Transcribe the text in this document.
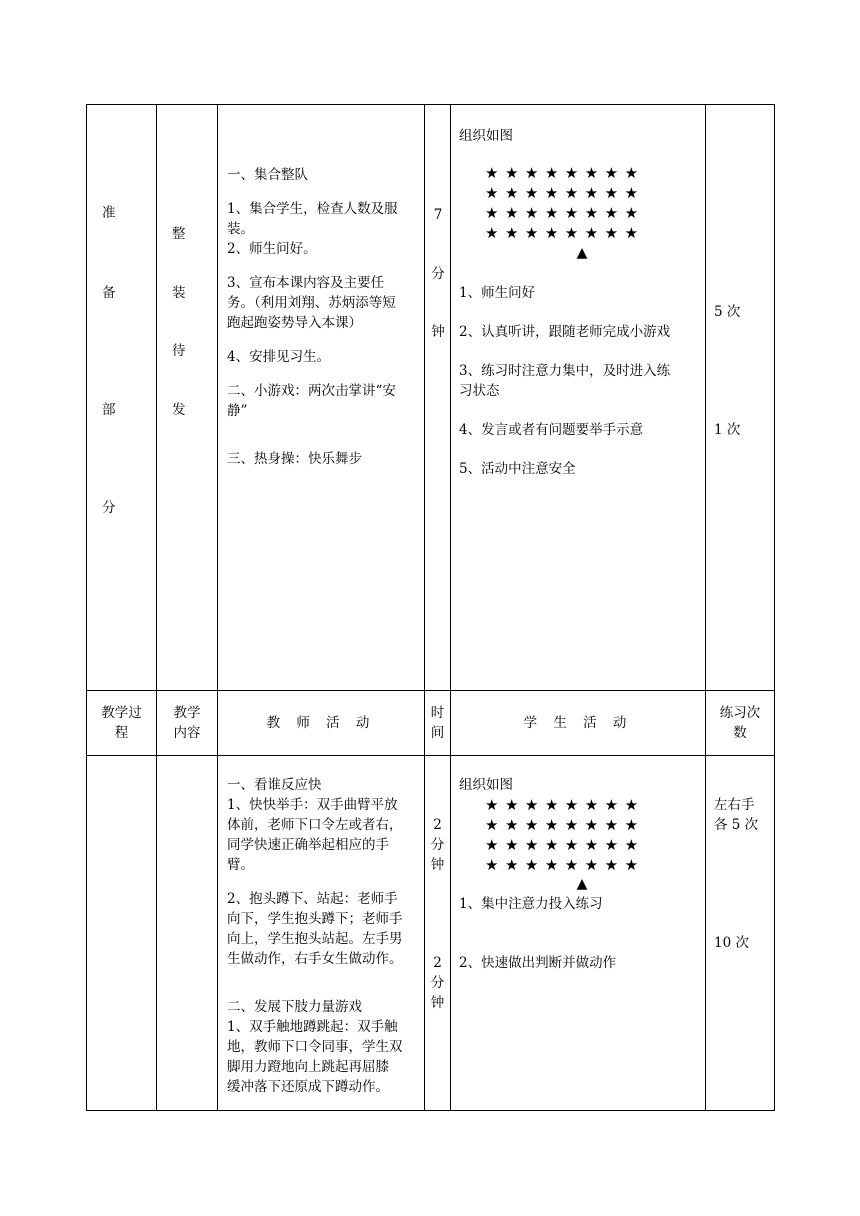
准
备
部
分
整
装
待
发
一、集合整队
1、集合学生，检查人数及服
装。
2、师生问好。
3、宣布本课内容及主要任
务。（利用刘翔、苏炳添等短
跑起跑姿势导入本课）
4、安排见习生。
二、小游戏：两次击掌讲“安
静”
三、热身操：快乐舞步
7
分
钟
组织如图
★★★★★★★★
★★★★★★★★
★★★★★★★★
★★★★★★★★
▲
1、师生问好
2、认真听讲，跟随老师完成小游戏
3、练习时注意力集中，及时进入练
习状态
4、发言或者有问题要举手示意
5、活动中注意安全
5 次
1 次
教学过
程
教学
内容
教 师 活 动
时
间
学 生 活 动
练习次
数
一、看谁反应快
1、快快举手：双手曲臂平放
体前，老师下口令左或者右，
同学快速正确举起相应的手
臂。
2、抱头蹲下、站起：老师手
向下，学生抱头蹲下；老师手
向上，学生抱头站起。左手男
生做动作，右手女生做动作。
二、发展下肢力量游戏
1、双手触地蹲跳起：双手触
地，教师下口令同事，学生双
脚用力蹬地向上跳起再屈膝
缓冲落下还原成下蹲动作。
2
分
钟
2
分
钟
组织如图
★★★★★★★★
★★★★★★★★
★★★★★★★★
★★★★★★★★
▲
1、集中注意力投入练习
2、快速做出判断并做动作
左右手
各 5 次
10 次
